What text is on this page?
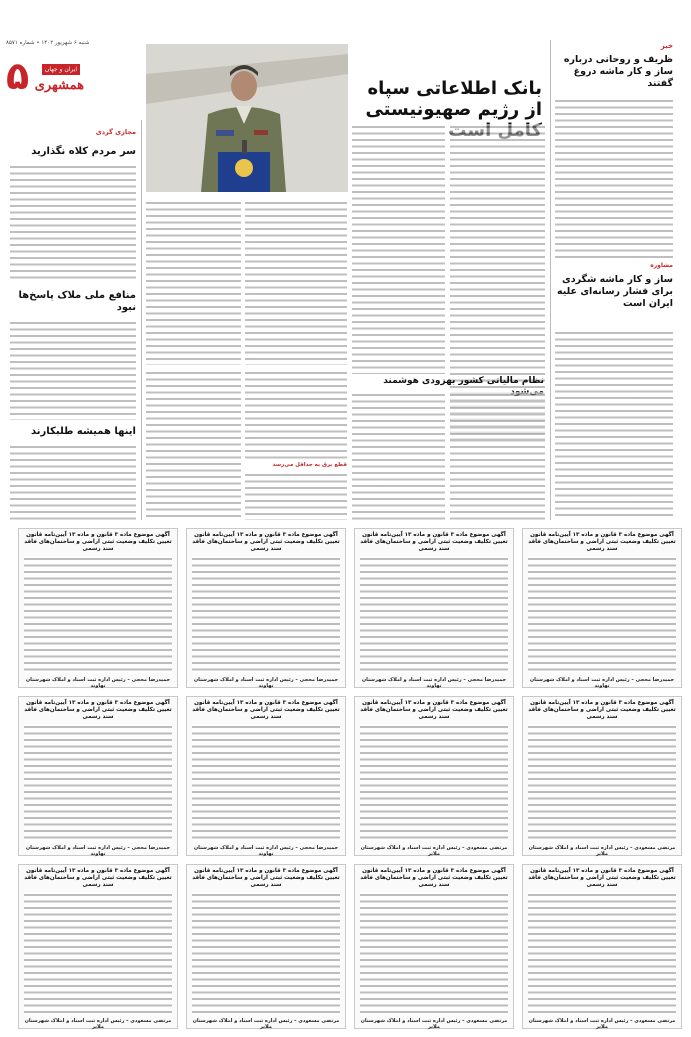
شنبه ۶ شهریور ۱۴۰۲ • شماره ۸۵۷۱
۵	ایران و جهان
همشهری	بانک اطلاعاتی سپاه از رژیم صهیونیستی
نظام مالیاتی کشور بهزودی هوشمند
قطع برق به حداقل می‌رسد
خبر
ظریف و روحانی درباره ساز و کار ماشه دروغ گفتند
مشاوره
ساز و کار ماشه شگردی برای فشار رسانه‌ای علیه ایران است
مجازی گردی
سر مردم کلاه نگذارید
منافع ملی ملاک پاسخ‌ها نبود
اینها همیشه طلبکارند
آگهی موضوع ماده ۳ قانون و ماده ۱۳ آیین‌نامه قانون تعیین تکلیف وضعیت ثبتی اراضی و ساختمان‌های فاقد سند رسمی
حمیدرضا محجی – رئیس اداره ثبت اسناد و املاک شهرستان نهاوند
آگهی موضوع ماده ۳ قانون و ماده ۱۳ آیین‌نامه قانون تعیین تکلیف وضعیت ثبتی اراضی و ساختمان‌های فاقد سند رسمی
حمیدرضا محجی – رئیس اداره ثبت اسناد و املاک شهرستان نهاوند
آگهی موضوع ماده ۳ قانون و ماده ۱۳ آیین‌نامه قانون تعیین تکلیف وضعیت ثبتی اراضی و ساختمان‌های فاقد سند رسمی
حمیدرضا محجی – رئیس اداره ثبت اسناد و املاک شهرستان نهاوند
آگهی موضوع ماده ۳ قانون و ماده ۱۳ آیین‌نامه قانون تعیین تکلیف وضعیت ثبتی اراضی و ساختمان‌های فاقد سند رسمی
حمیدرضا محجی – رئیس اداره ثبت اسناد و املاک شهرستان نهاوند
آگهی موضوع ماده ۳ قانون و ماده ۱۳ آیین‌نامه قانون تعیین تکلیف وضعیت ثبتی اراضی و ساختمان‌های فاقد سند رسمی
مرتضی مسعودی – رئیس اداره ثبت اسناد و املاک شهرستان ملایر
آگهی موضوع ماده ۳ قانون و ماده ۱۳ آیین‌نامه قانون تعیین تکلیف وضعیت ثبتی اراضی و ساختمان‌های فاقد سند رسمی
مرتضی مسعودی – رئیس اداره ثبت اسناد و املاک شهرستان ملایر
آگهی موضوع ماده ۳ قانون و ماده ۱۳ آیین‌نامه قانون تعیین تکلیف وضعیت ثبتی اراضی و ساختمان‌های فاقد سند رسمی
حمیدرضا محجی – رئیس اداره ثبت اسناد و املاک شهرستان نهاوند
آگهی موضوع ماده ۳ قانون و ماده ۱۳ آیین‌نامه قانون تعیین تکلیف وضعیت ثبتی اراضی و ساختمان‌های فاقد سند رسمی
حمیدرضا محجی – رئیس اداره ثبت اسناد و املاک شهرستان نهاوند
آگهی موضوع ماده ۳ قانون و ماده ۱۳ آیین‌نامه قانون تعیین تکلیف وضعیت ثبتی اراضی و ساختمان‌های فاقد سند رسمی
مرتضی مسعودی – رئیس اداره ثبت اسناد و املاک شهرستان ملایر
آگهی موضوع ماده ۳ قانون و ماده ۱۳ آیین‌نامه قانون تعیین تکلیف وضعیت ثبتی اراضی و ساختمان‌های فاقد سند رسمی
مرتضی مسعودی – رئیس اداره ثبت اسناد و املاک شهرستان ملایر
آگهی موضوع ماده ۳ قانون و ماده ۱۳ آیین‌نامه قانون تعیین تکلیف وضعیت ثبتی اراضی و ساختمان‌های فاقد سند رسمی
مرتضی مسعودی – رئیس اداره ثبت اسناد و املاک شهرستان ملایر
آگهی موضوع ماده ۳ قانون و ماده ۱۳ آیین‌نامه قانون تعیین تکلیف وضعیت ثبتی اراضی و ساختمان‌های فاقد سند رسمی
مرتضی مسعودی – رئیس اداره ثبت اسناد و املاک شهرستان ملایر
